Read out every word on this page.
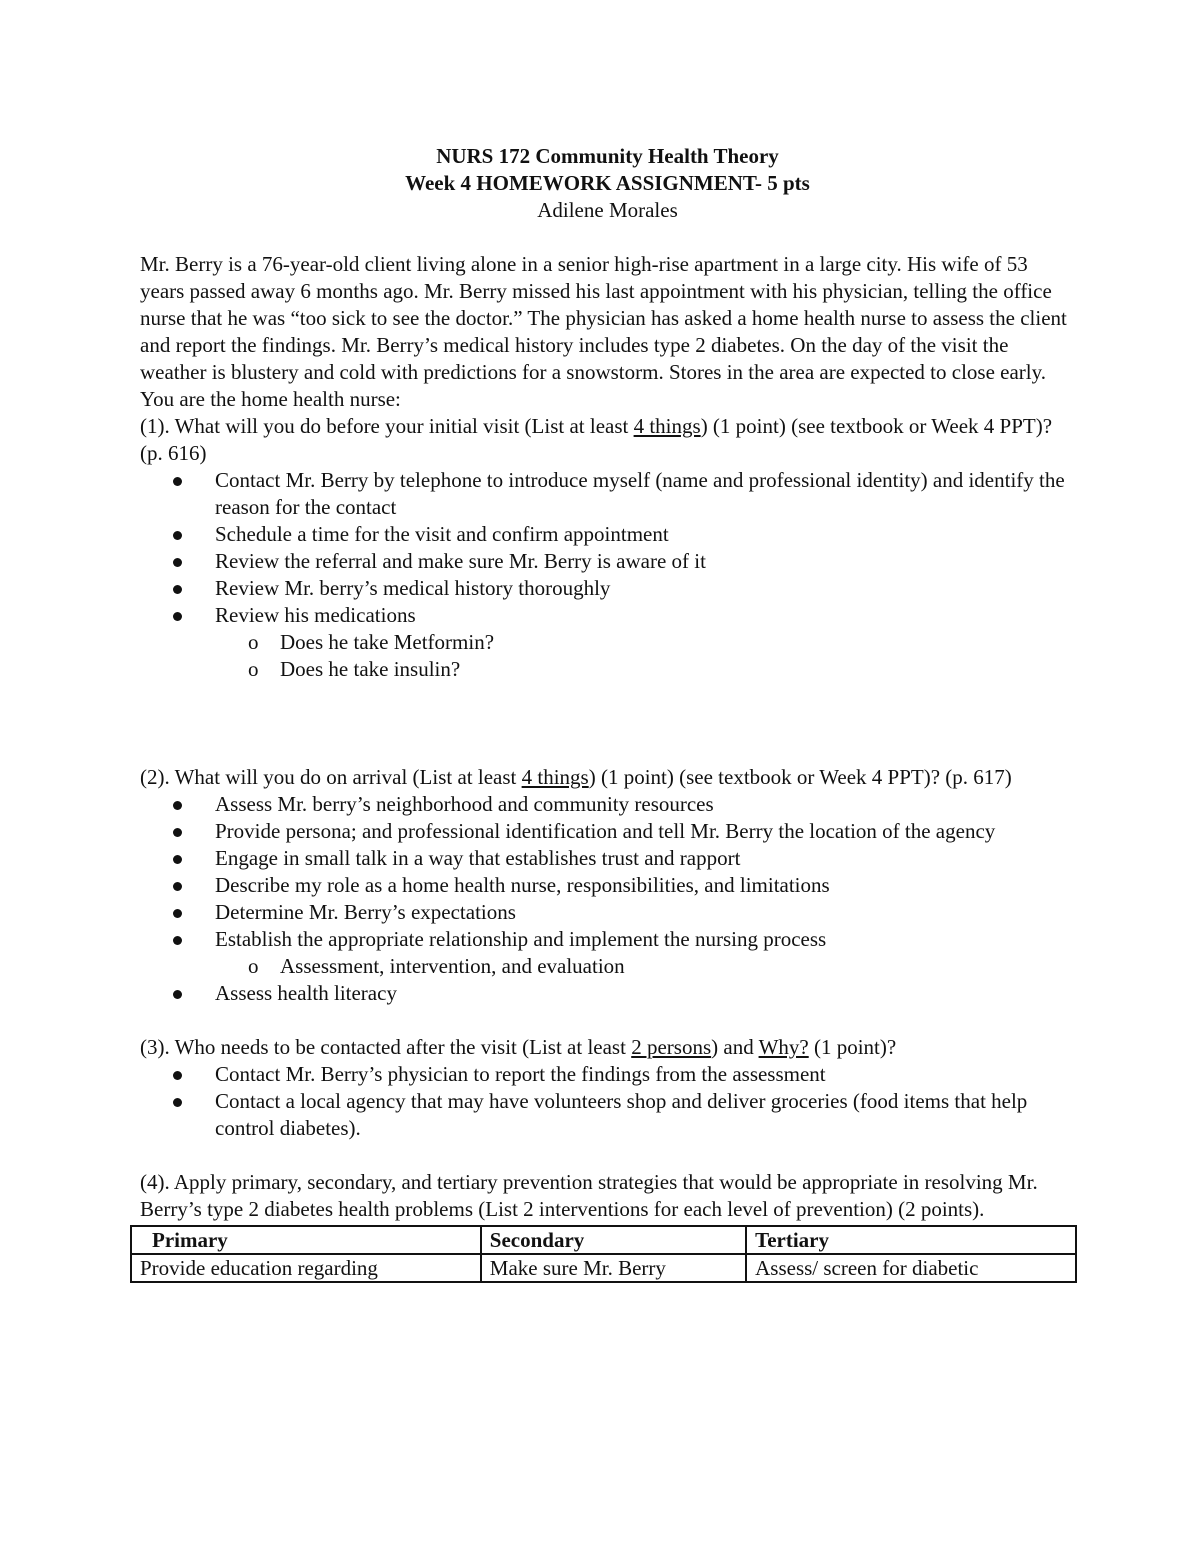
NURS 172 Community Health Theory
Week 4 HOMEWORK ASSIGNMENT- 5 pts
Adilene Morales

Mr. Berry is a 76-year-old client living alone in a senior high-rise apartment in a large city. His wife of 53 years passed away 6 months ago. Mr. Berry missed his last appointment with his physician, telling the office nurse that he was “too sick to see the doctor.” The physician has asked a home health nurse to assess the client and report the findings. Mr. Berry’s medical history includes type 2 diabetes. On the day of the visit the weather is blustery and cold with predictions for a snowstorm. Stores in the area are expected to close early. You are the home health nurse:

(1). What will you do before your initial visit (List at least 4 things) (1 point) (see textbook or Week 4 PPT)? (p. 616)

Contact Mr. Berry by telephone to introduce myself (name and professional identity) and identify the reason for the contact
Schedule a time for the visit and confirm appointment
Review the referral and make sure Mr. Berry is aware of it
Review Mr. berry’s medical history thoroughly
Review his medications
o Does he take Metformin?
o Does he take insulin?

(2). What will you do on arrival (List at least 4 things) (1 point) (see textbook or Week 4 PPT)? (p. 617)

Assess Mr. berry’s neighborhood and community resources
Provide persona; and professional identification and tell Mr. Berry the location of the agency
Engage in small talk in a way that establishes trust and rapport
Describe my role as a home health nurse, responsibilities, and limitations
Determine Mr. Berry’s expectations
Establish the appropriate relationship and implement the nursing process
o Assessment, intervention, and evaluation
Assess health literacy

(3). Who needs to be contacted after the visit (List at least 2 persons) and Why? (1 point)?

Contact Mr. Berry’s physician to report the findings from the assessment
Contact a local agency that may have volunteers shop and deliver groceries (food items that help control diabetes).

(4). Apply primary, secondary, and tertiary prevention strategies that would be appropriate in resolving Mr. Berry’s type 2 diabetes health problems (List 2 interventions for each level of prevention) (2 points).

Primary	Secondary	Tertiary
Provide education regarding	Make sure Mr. Berry	Assess/ screen for diabetic
